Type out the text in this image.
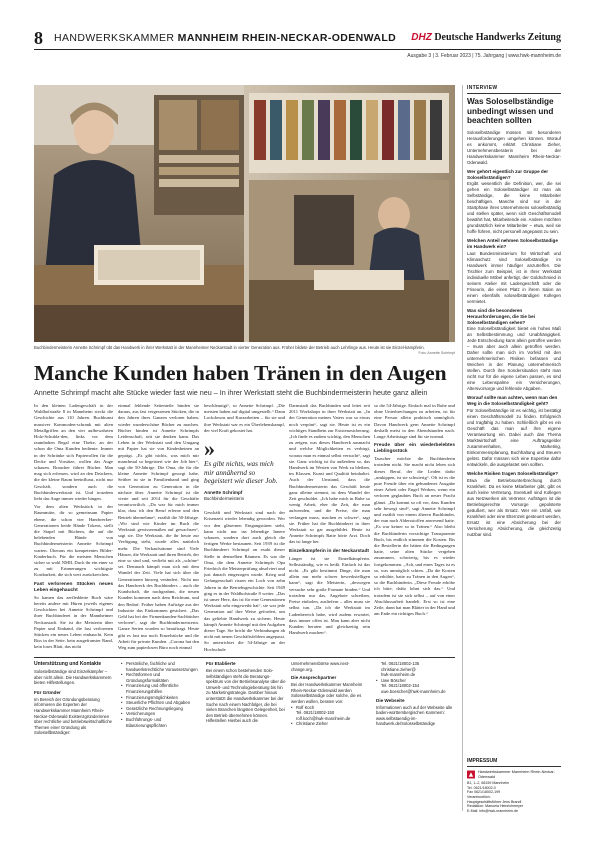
8 HANDWERKSKAMMER MANNHEIM RHEIN-NECKAR-ODENWALD DHZ Deutsche Handwerks Zeitung
Ausgabe 3 | 3. Februar 2023 | 75. Jahrgang | www.hwk-mannheim.de
Buchbindermeisterin Annette Schrimpf übt das Handwerk in ihrer Werkstatt in der Mannheimer Neckarstadt in vierter Generation aus. Früher bildete der Betrieb auch Lehrlinge aus. Heute ist sie Einzel-kämpferin.
Foto: Annette Schrimpf
Manche Kunden haben Tränen in den Augen
Annette Schrimpf macht alte Stücke wieder fast wie neu – In ihrer Werkstatt steht die Buchbindermeisterin heute ganz allein

In den kleinen Ladengeschäft in der Waldhofstraße 8 in Mannheim steckt die Geschichte aus 110 Jahren. Buchkunst massiver Kommoden-schrank mit alten Metallgriffen an den vier aufbewahrten Holz-Schubla-den, links vor dem raumhohen Regal eine Theke, an der schon die Oma Kunden bediente. Immer in der Schränke sich Papierrollen für die Decke und Vorsätze, wollen das Auge schauen. Braucher führer Bücher. Man mag sich erfreuen, wird an den Drückern, die der kleine Raum beeinflusst, nicht nur Geschäft, sondern auch die Buchbinderwerkstatt ist. Und trotzdem liebt das Auge immer wieder hingen.

Vor dem alten Werkstück in der Raummitte, dir so gemeinsam Papier ebene, die schon vier Handwerker-Generationen beide Hände Tokens, stellt die Stapel mit Büchern, die auf die belebenden Hände von Buchbindermeisterin Annette Schrimpf warten. Überaus ein kompetentes Bilder-Kinderbuch. Für die meisten Menschen sicher so wohl NMIL Duch ihr ein einer so zu mit Erinnerungen wichtigste Kostbarkeit, die sich wert zurückreichen.

Fast verlorenen Stücken neues Leben eingehaucht

So kamen das zerfledderte Buch wäre bereits andere mit Hüren jeweils eigenes Geschichten bei Annette Schrimpf und ihrer Buchbinderei in der Mannheimer Neckarstadt. Sie ist die Meisterin über Papier und Einband, die fast verlorenen Stücken ein neues Leben einhaucht. Kein Riss in der Seite, kein ausgefranster Rand, kein loses Blatt, das nicht

einmal fehlende Seitenteile binden sie daraus, aus fast vergessenen Stücken, die in den Jahren ihres Ganzen verloren haben, wieder wunderschöne Bücher zu machen. Bücher binden ist Annette Schrimpfs Leidenschaft, seit sie denken kann. Das Leben in der Werkstatt und den Umgang mit Papier hat sie von Kindesbeinen an geprägt. „Es gibt nichts, was mich mir manchmal so begeistert wie der Job hier“, sagt die 50-Jährige. Die Oma, die für die kleine Annette Schrimpf gesorgt habe, Seither ist sie in Familienhand und ging von Generation zu Generation in die nächste über. Annette Schrimpf ist die vierte und seit 2014 für die Geschäfte verantwortlich. „Da war für mich immer klar, dass ich den Beruf erlerne und den Betrieb übernehme“, erzählt die 50-Jährige. „Wir sind wie Kinder im Buch die Werkstatt gewissermaßen auf gewachsen“, sagt sie. Die Werkstatt, die ihr heute zur Verfügung steht, wurde alles natürlich mehr. Die Verkaufsräume sind Viele Häuser, die Werkstatt und ihren Betrieb, der eine so sind und, verliebt mit als „schöne“ sei. Demnach kämpft man sich mit dem Wandel der Zeit. Viele hat sich über die Generationen hinweg verändert. Nicht nur das Handwerk des Buchbinders – auch die Kundschaft, die nachgeahmt, die neuen Kunden kommen nach dem Reichtum, und den Bedarf. Früher haben Aufträge aus der Industrie das Einkommen gesichert. „Das Geld hat bei der Firmenkunden-Sachbücher verloren“, sagt die Buchbindermeisterin. Ganze Serien wurden so beauftragt. Heute gibt es fast nur noch Einzelstücke und die Arbeit für private Kunden. „Corona hat den Weg zum papierlosen Büro noch einmal

beschleunigt“, so Annette Schrimpf. „Die meisten haben auf digital umgestellt.“ Dann Lockdowns und Kurzarbeiten – für sie und ihre Werkstatt war es ein Überlebenskampf, der viel Kraft gekostet hat.

»
Es gibt nichts, was mich mir annähernd so begeistert wie dieser Job.
Annette Schrimpf
Buchbindermeisterin

Geschäft und Werkstatt sind nach der Krisenzeit wieder lebendig geworden. Wer vor den gläsernen Eingangstüren steht, kann nicht nur ins lebendige Innere schauen, sondern dort auch gleich die fertigen Werke bestaunen. Seit 1939 ist die Buchbinderei Schrimpf an exakt dieser Stelle in demselben Räumen. Es war die Oma, die dem Annette Schrimpfs Opa Friedrich die Meisterprüfung absolviert und just danach eingezogen wurde. Krieg und Gefangenschaft rissen ein Loch von zehn Jahren in die Betriebsgeschichte. Seit 1949 ging es in der Waldhofstraße 8 weiter. „Das ist unser Herz, das ist für eine Generationen Werkstatt sehr eingeweiht hat“, sie war jede Generation auf ihre Weise gefordert, um das geliebte Handwerk zu sichern. Heute kämpft Annette Schrimpf mit den Aufgaben dieser Tage. Sie bricht die Verbindungen ab nicht mit neuen Geschäftsfeldern angepasst. So unterrichtet die 54-Jährige an der Hochschule

Darmstadt das Buchbinden und leitet seit 2011 Workshops in ihrer Werkstatt an. „In der Generation meines Vaters war so etwas noch verpönt“, sagt sie. Heute ist es ein wichtiges Standbein zur Existenzsicherung. „Ich finde es zudem wichtig, den Menschen zu zeigen, was dieses Handwerk ausmacht und welche Möglichkeiten es verbirgt, woraus man es einmal selbst versucht“, sagt sie. Ganz wichtig ist ihr außerdem so, das Handwerk im Westen von Werk zu bleiben, im Klassen, Kunst und Qualität beinhaltet. Auch der Umstand, dass die Buchbindermeisterin das Geschäft heute ganz alleine stemmt, ist dem Wandel der Zeit geschuldet. „Ich habe mich in Ruhe so wenig Arbeit, eher die Zeit, die man aufwenden, und die Preise, die man verlangen muss, machen es schwer“, sagt sie. Früher hat die Buchbinderei in ihrer Werkstatt so gar ausgebildet. Heute ist Annette Schrimpfs Ratte hörte Arzt. Doch das ist lange her.

Einzelkämpferin in der Neckarstadt

Länger ist sie Einzelkämpferin. Selbstständig, wie es heißt. Einfach ist das nicht. „Es gibt bestimmt Dinge, die man allein nur mehr schwer bewerkstelligen kann“, sagt die Meisterin, „deswegen versuche sehr große Formate binden.“ Und trotzdem nur das. Angebote schreiben, Preise einholen, ausliefern – alles muss sie selbst tun. „Da ich die Werkstatt im Ladenbereich habe, wird zudem erwartet, dass immer offen ist. Man kann aber nicht Kunden beraten und gleichzeitig sein Handwerk machen“.

so die 54-Jährige. Einfach mal in Ruhe und ohne Unterbrechungen zu arbeiten, ist für eine Person allein praktisch unmöglich. Davon Handwerk gern Annette Schrimpf deshalb meist in den Abendstunden nach. Lange Arbeitstage sind für sie normal.

Freude über ein wiederbelebtes Lieblingsstück

Tauscher möchte die Buchbinderin trotzdem nicht. Sie macht nicht leben sich dieses Beruf, der die Leiden dafür „umkippen, ist sie schwierig“. Oft ist es die pure Freude über ein gebundenes Ausgabe einer Arbeit oder Engel Werken, wenn ein verloren geglaubtes Buch an neuer Pracht glänzt. „Da kommt so oft vor, dass Kunden sehr bewegt sind“, sagt Annette Schrimpf und erzählt von einem älteren Buchbinder, der nun nach Aldersstoffen anwesend hatte. „Es war keiner so in Tränen.“ Also bleibt die Buchbinderin vorsichtige Transparente Buch, bis endlich stimmen die Kosten. Bis die Bestellerin die hätten die Bedingungen hatte, seine alten Stücke vergeben zusammen, schwierig, bis es wieder fortgekommen. „Ach, und eines Tages ist es so, was unmöglich schien. „Da die Kosten so erhöhte, hatte zu Tränen in den Augen“, so die Buchbinderin. „Diese Freude erhöhe ich bitte, dafür lohnt sich das.“ Und trotzdem ist sie sich selbst – auf von einer Abschlussarbeit handelt. Erst so ist eine Zeile, dann hat man Blätter in der Hand und am Ende ein richtiges Buch.“

Unterstützung und Kontakte
Solostelbständige sind Einzelkämpfer – aber nicht allein. Die Handwerkskammern bieten Hilfestellungen.
Für Gründer
Im Bereich der Gründungsberatung informieren die Experten der Handwerkskammer Mannheim Rhein-Neckar-Odenwald Existenzgründerinnen über rechtliche und betriebswirtschaftliche Themen einer Gründung als Solostellbständiger:
• Persönliche, fachliche und handwerksrechtliche Voraussetzungen
• Rechtsformen und Gründungsformalitäten
• Finanzierung und öffentliche Finanzierungshilfen
• Finanzierungsmöglichkeiten
• Steuerliche Pflichten und Abgaben
• Gesetzliche Rechnungslegung
• Versicherungen
• Buchführungs- und Bilanzierungspflichten
Für Etablierte
Bei einem schon bestehenden Solo-selbständigen steht die Beratungs-spektrum von der Betriebsanalyse über die Umwelt- und Technologieberatung bis hin zu Marketingstrategie. Darüber hinaus unterstützt die Handwerkskammer bei der Suche nach einem Nachfolger, die bei vielen Branchen längsten Gelegenheit, bei den Betrieb übernehmen können. Hilfestellen Hierbei auch die
Unternehmensbörse www.next-change.org.
Die Ansprechpartner
Bei der Handwerkskammer Mannheim Rhein-Neckar-Odenwald werden Solosselbständige oder solche, die es werden wollen, beraten von:
• Rolf Koch
Tel. 0621/18002-150
rolf.koch@hwk-mannheim.de
• Christiane Zieher
Tel. 0621/18002-135
christiane.zieher@
hwk-mannheim.de
• Uwe Böscher
Tel. 0621/18002-154
uwe.boescher@hwk-mannheim.de
Die Webseite
Informationen auch auf der Webseite alle baden-württembergischen Kammern: www.selbstaendig-im-handwerk.de/Solosselbständige
INTERVIEW
Was Soloselbständige unbedingt wissen und beachten sollten
Soloselbständige müssen mit besonderen Herausforderungen umgehen können. Worauf es ankommt, erklärt Christiane Zieher, Unternehmensberaterin bei der Handwerkskammer Mannheim Rhein-Neckar-Odenwald.
Wer gehört eigentlich zur Gruppe der Soloselbständigen?
Ergibt wesentlich die Definition, wer, die sei gehen ein Soloselbständiger ist man als Selbständige, die keine Mitarbeiter beschäftigen. Manche sind nur in der Startphase ihres Unternehmens soloselbständig und stellen später, wenn sich Geschäftsmodell bewährt hat, Mitarbeitende ein. Andere möchten grundsätzlich keine Mitarbeiter – etwa, weil sie hoffe führen, nicht personell angepasst zu sein.
Welchen Anteil nehmen Soloselbständige im Handwerk ein?
Laut Bundesministerium für Wirtschaft und Klimaschutz sind Soloselbständige im Handwerk immer häufiger anzutreffen. Die Tischler zum Beispiel, ist in Ihrer Werkstatt individuelle Möbel anfertigt, der Goldschmied in seinem Atelier mit Ladengeschäft oder die Friseurin, die einen Platz in ihrem Salon an einen ebenfalls soloselbständigen Kollegen vermietet.
Was sind die besonderen Herausforderungen, die Sie bei Soloselbständigen sehen?
Eine Soloselbständigkeit bietet ein hohes Maß an Selbstbestimmung und Unabhängigkeit. Jede Entscheidung kann allein getroffen werden – muss aber auch allein getroffen werden. Daher sollte man sich im Vorfeld mit den unternehmerischen Risiken befassen und Weichen in der Planung unternehmerisch stellen. Durch ihre Sondersituation steht man nicht nur für die eigene Leben passen, es sind eine Lebenspalme ein Versicherungen, Altersvorsorge und fehlende Abgaben.
Worauf sollte man achten, wenn man den Weg in die Soloselbständigkeit geht?
Für Soloselbständige ist es wichtig, ist bestätigt einen Geschäftsmodell zu finden. Erfolgreich und tragfähig zu haben. Schließlich gibt es ein Geschäft das man auf ihre eigene Verantwortung ein. Dabei auch das Thema Marktwirtschaft eine Auftragsgelder zusammenhalten, Marketing, Einkommensplanung, Buchhaltung und Steuern gelöst. Dafür müssen sich eine Expertise dafür entwickeln, die ausgelastet sein sollten.
Welche Risiken tragen Soloselbständige?
Etwa die Betriebsunterbrechung durch Krankheit. Da es keine Mitarbeiter gibt, gibt es auch keine Vertretung. Eventuell sind Kollegen aus Netzwerken als Vertreter. Aufträgen ist die Betriebsgerechte Vorsorge gepolsterte geäußert, wer als Ersatz. Wer ein Unfall, wie Krankheit oder eine Elternzeit gesteuert werden, Ersatz ist eine Absicherung bei der Versicherung Absicherung, die gleichzeitig nutzbar sind.
IMPRESSUM
Handwerkskammer Mannheim Rhein-Neckar-Odenwald
B1, 1–2, 68159 Mannheim
Tel. 0621/18002-0
Fax 0621/18002-199
Verantwortlich:
Hauptgeschäftsführer Jens Brandl
Redaktion: Manuela Heinrichmeyer
E-Mail: info@hwk-mannheim.de
